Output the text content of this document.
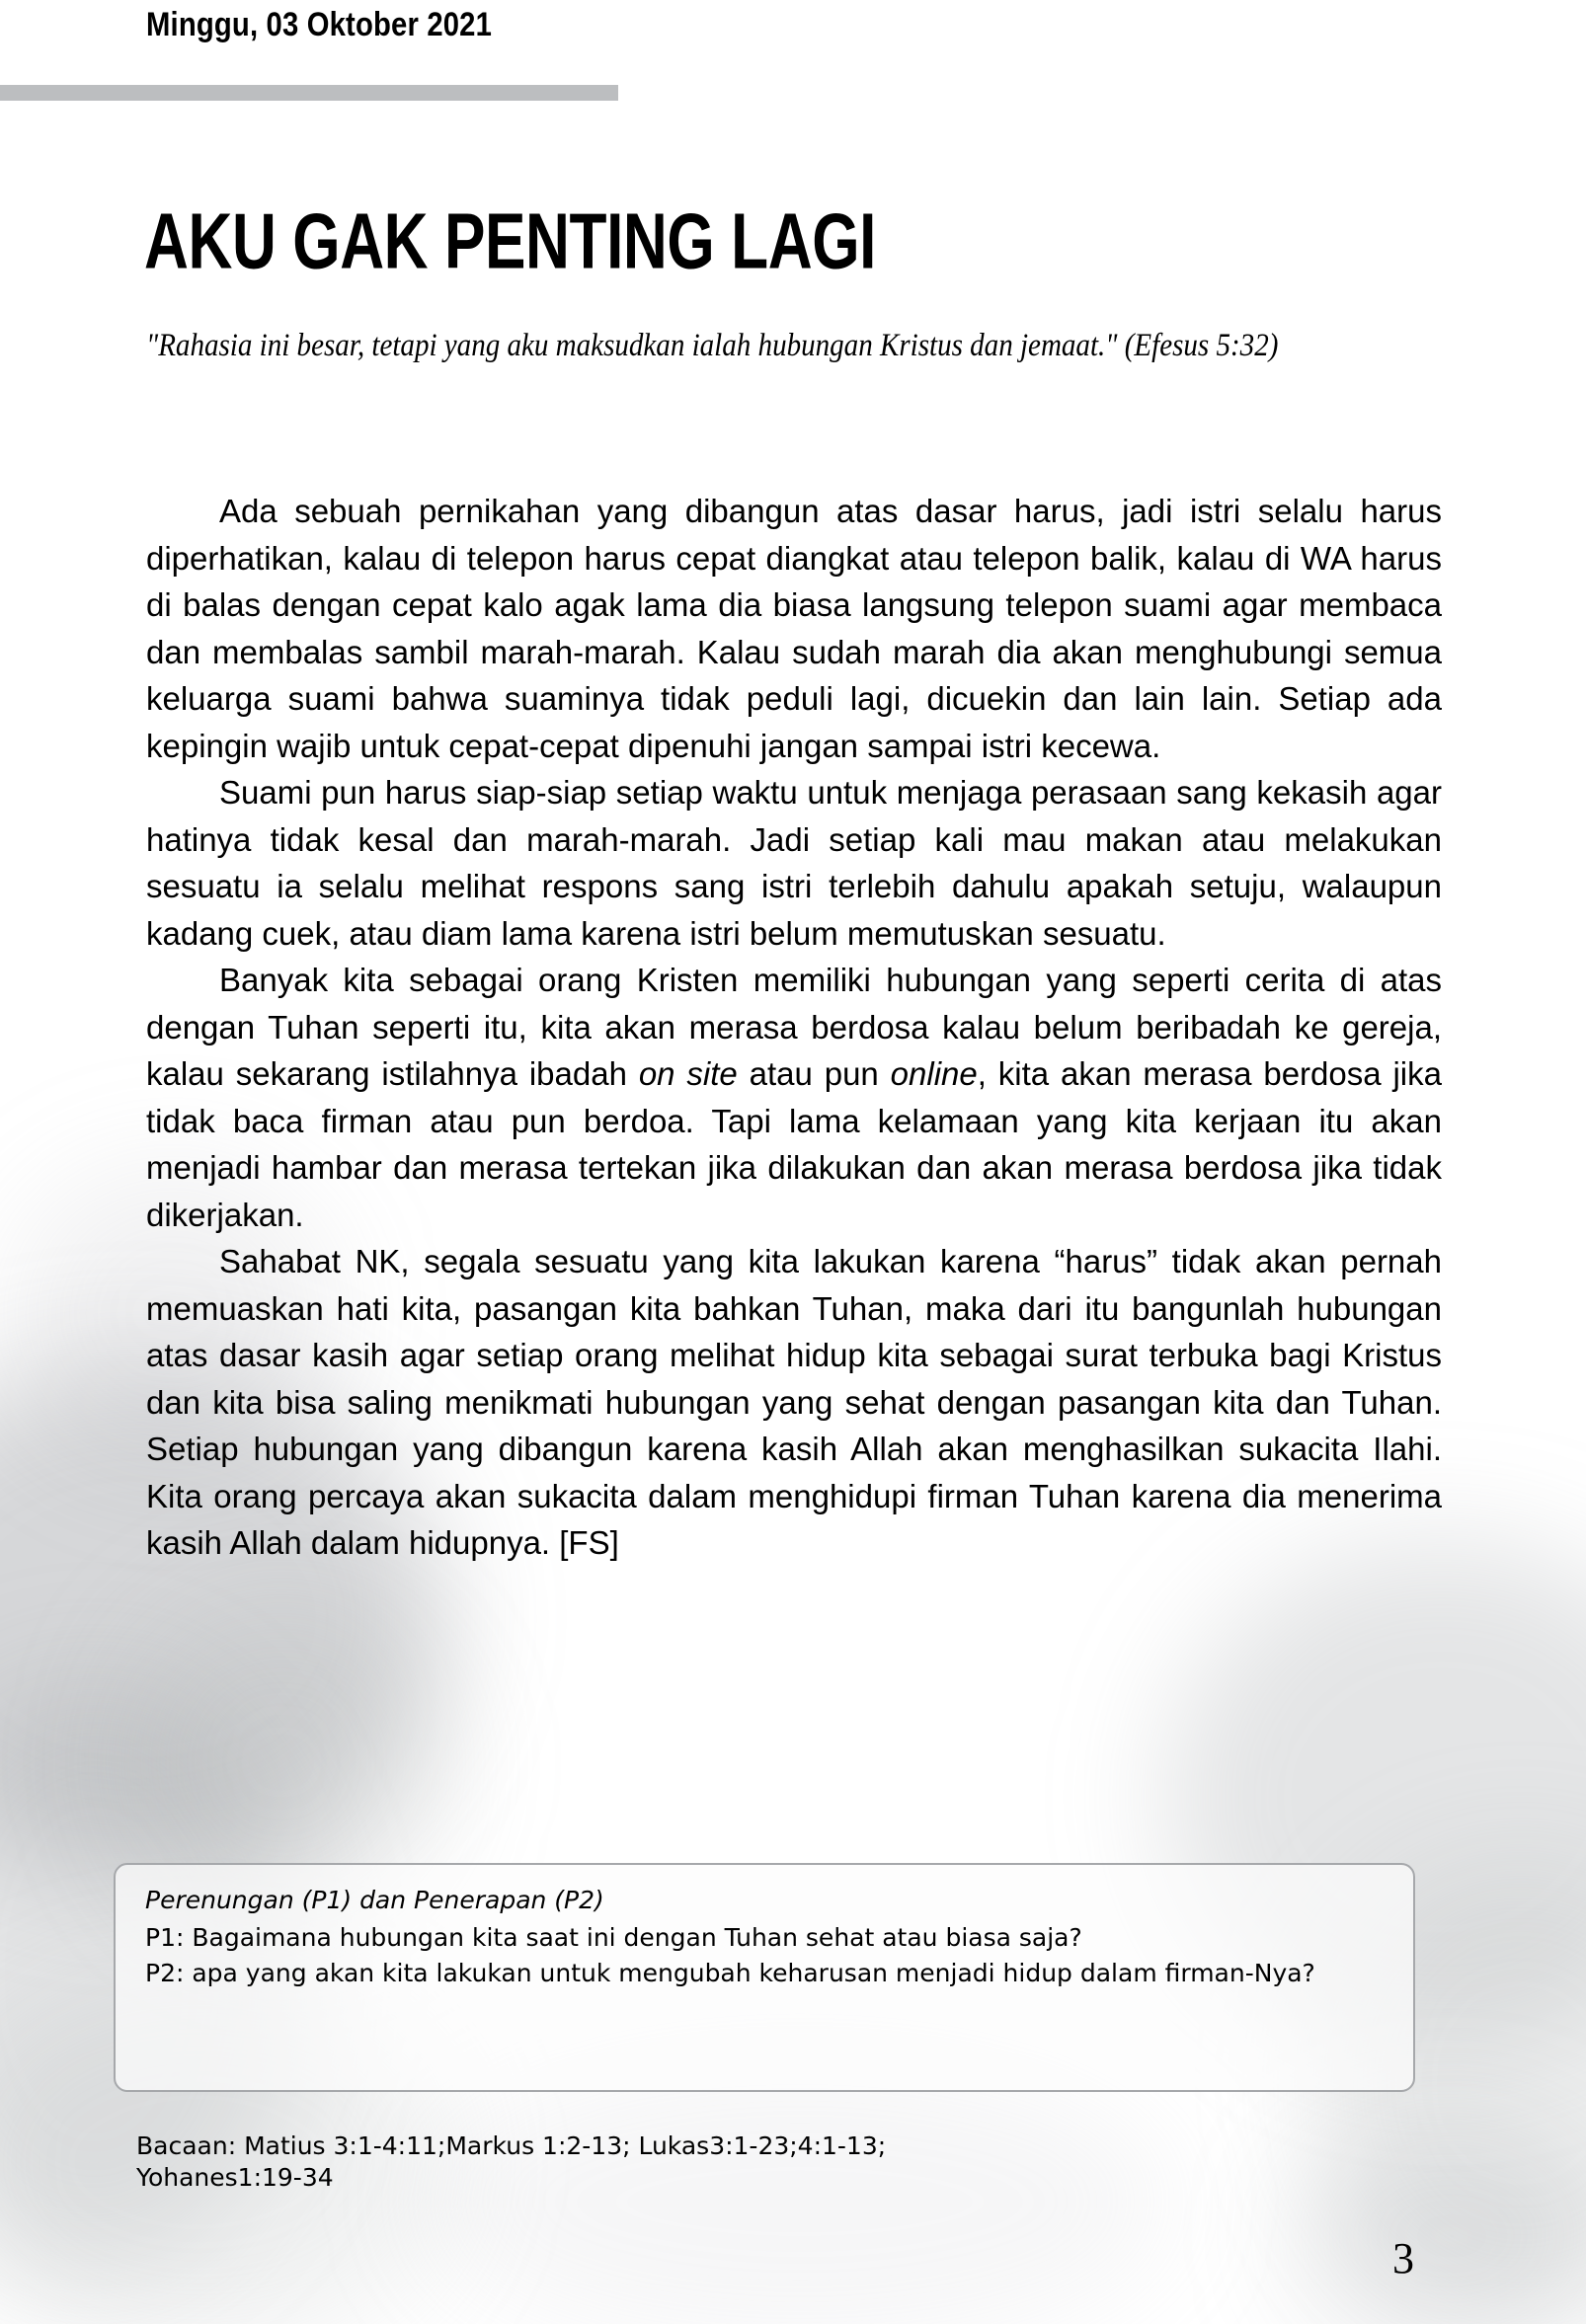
Minggu, 03 Oktober 2021
AKU GAK PENTING LAGI
"Rahasia ini besar, tetapi yang aku maksudkan ialah hubungan Kristus dan jemaat." (Efesus 5:32)

Ada sebuah pernikahan yang dibangun atas dasar harus, jadi istri selalu harus diperhatikan, kalau di telepon harus cepat diangkat atau telepon balik, kalau di WA harus di balas dengan cepat kalo agak lama dia biasa langsung telepon suami agar membaca dan membalas sambil marah-marah. Kalau sudah marah dia akan menghubungi semua keluarga suami bahwa suaminya tidak peduli lagi, dicuekin dan lain lain. Setiap ada kepingin wajib untuk cepat-cepat dipenuhi jangan sampai istri kecewa.

Suami pun harus siap-siap setiap waktu untuk menjaga perasaan sang kekasih agar hatinya tidak kesal dan marah-marah. Jadi setiap kali mau makan atau melakukan sesuatu ia selalu melihat respons sang istri terlebih dahulu apakah setuju, walaupun kadang cuek, atau diam lama karena istri belum memutuskan sesuatu.

Banyak kita sebagai orang Kristen memiliki hubungan yang seperti cerita di atas dengan Tuhan seperti itu, kita akan merasa berdosa kalau belum beribadah ke gereja, kalau sekarang istilahnya ibadah on site atau pun online, kita akan merasa berdosa jika tidak baca firman atau pun berdoa. Tapi lama kelamaan yang kita kerjaan itu akan menjadi hambar dan merasa tertekan jika dilakukan dan akan merasa berdosa jika tidak dikerjakan.

Sahabat NK, segala sesuatu yang kita lakukan karena “harus” tidak akan pernah memuaskan hati kita, pasangan kita bahkan Tuhan, maka dari itu bangunlah hubungan atas dasar kasih agar setiap orang melihat hidup kita sebagai surat terbuka bagi Kristus dan kita bisa saling menikmati hubungan yang sehat dengan pasangan kita dan Tuhan. Setiap hubungan yang dibangun karena kasih Allah akan menghasilkan sukacita Ilahi. Kita orang percaya akan sukacita dalam menghidupi firman Tuhan karena dia menerima kasih Allah dalam hidupnya. [FS]

Perenungan (P1) dan Penerapan (P2)
P1: Bagaimana hubungan kita saat ini dengan Tuhan sehat atau biasa saja?
P2: apa yang akan kita lakukan untuk mengubah keharusan menjadi hidup dalam firman-Nya?
Bacaan: Matius 3:1-4:11;Markus 1:2-13; Lukas3:1-23;4:1-13;
Yohanes1:19-34
3
